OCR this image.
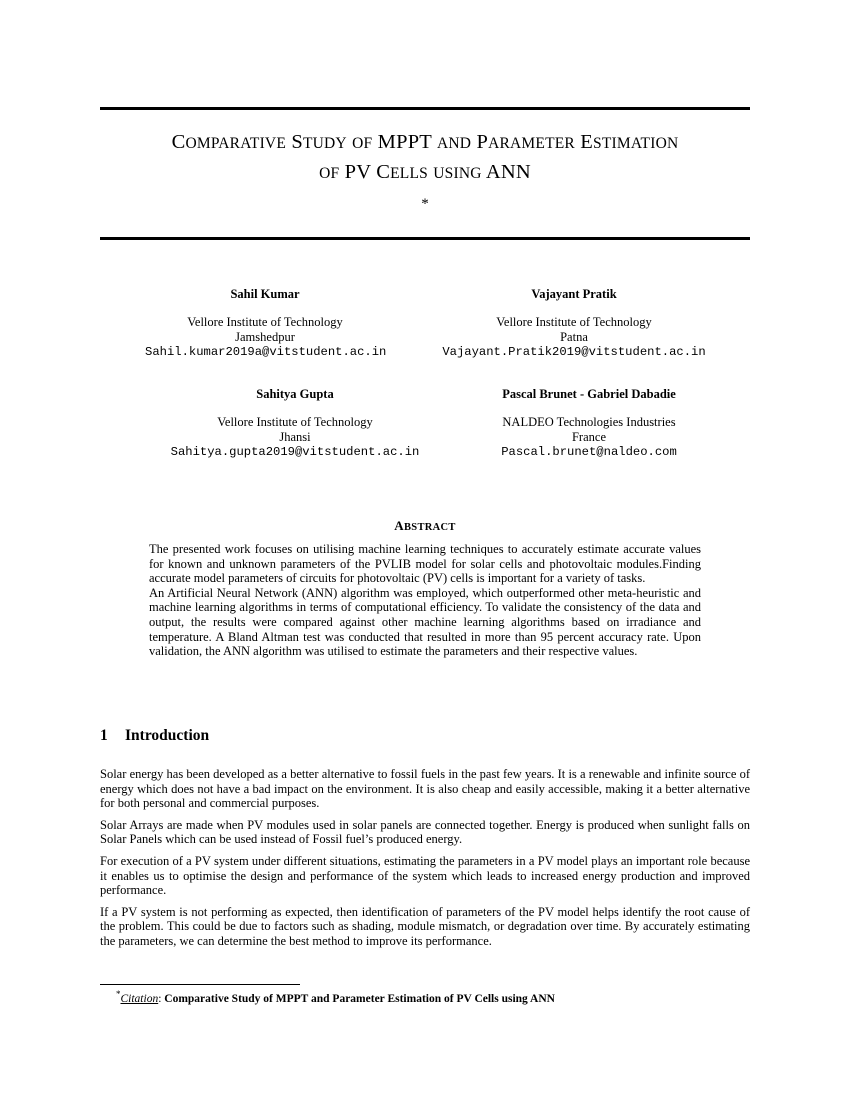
COMPARATIVE STUDY OF MPPT AND PARAMETER ESTIMATION
OF PV CELLS USING ANN
*
Sahil Kumar
Vellore Institute of Technology
Jamshedpur
Sahil.kumar2019a@vitstudent.ac.in
Vajayant Pratik
Vellore Institute of Technology
Patna
Vajayant.Pratik2019@vitstudent.ac.in
Sahitya Gupta
Vellore Institute of Technology
Jhansi
Sahitya.gupta2019@vitstudent.ac.in
Pascal Brunet - Gabriel Dabadie
NALDEO Technologies Industries
France
Pascal.brunet@naldeo.com
ABSTRACT

The presented work focuses on utilising machine learning techniques to accurately estimate accurate values for known and unknown parameters of the PVLIB model for solar cells and photovoltaic modules.Finding accurate model parameters of circuits for photovoltaic (PV) cells is important for a variety of tasks.

An Artificial Neural Network (ANN) algorithm was employed, which outperformed other meta-heuristic and machine learning algorithms in terms of computational efficiency. To validate the consistency of the data and output, the results were compared against other machine learning algorithms based on irradiance and temperature. A Bland Altman test was conducted that resulted in more than 95 percent accuracy rate. Upon validation, the ANN algorithm was utilised to estimate the parameters and their respective values.

1 Introduction

Solar energy has been developed as a better alternative to fossil fuels in the past few years. It is a renewable and infinite source of energy which does not have a bad impact on the environment. It is also cheap and easily accessible, making it a better alternative for both personal and commercial purposes.

Solar Arrays are made when PV modules used in solar panels are connected together. Energy is produced when sunlight falls on Solar Panels which can be used instead of Fossil fuel’s produced energy.

For execution of a PV system under different situations, estimating the parameters in a PV model plays an important role because it enables us to optimise the design and performance of the system which leads to increased energy production and improved performance.

If a PV system is not performing as expected, then identification of parameters of the PV model helps identify the root cause of the problem. This could be due to factors such as shading, module mismatch, or degradation over time. By accurately estimating the parameters, we can determine the best method to improve its performance.

*Citation: Comparative Study of MPPT and Parameter Estimation of PV Cells using ANN
